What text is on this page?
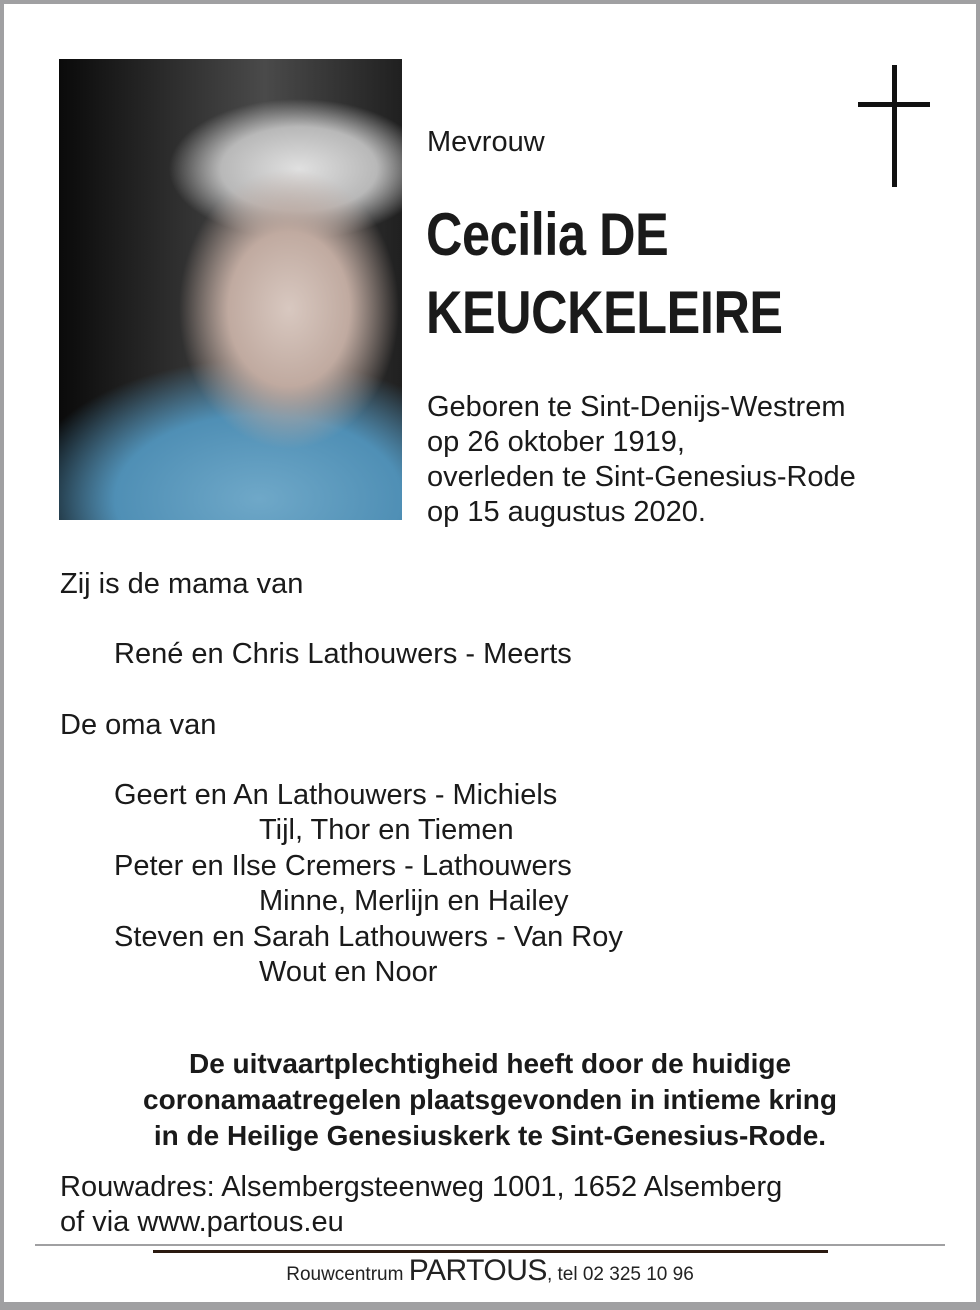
Mevrouw
Cecilia DE
KEUCKELEIRE
Geboren te Sint-Denijs-Westrem
op 26 oktober 1919,
overleden te Sint-Genesius-Rode
op 15 augustus 2020.
Zij is de mama van
René en Chris Lathouwers - Meerts
De oma van
Geert en An Lathouwers - Michiels
Tijl, Thor en Tiemen
Peter en Ilse Cremers - Lathouwers
Minne, Merlijn en Hailey
Steven en Sarah Lathouwers - Van Roy
Wout en Noor
De uitvaartplechtigheid heeft door de huidige
coronamaatregelen plaatsgevonden in intieme kring
in de Heilige Genesiuskerk te Sint-Genesius-Rode.
Rouwadres: Alsembergsteenweg 1001, 1652 Alsemberg
of via www.partous.eu
Rouwcentrum PARTOUS, tel 02 325 10 96
